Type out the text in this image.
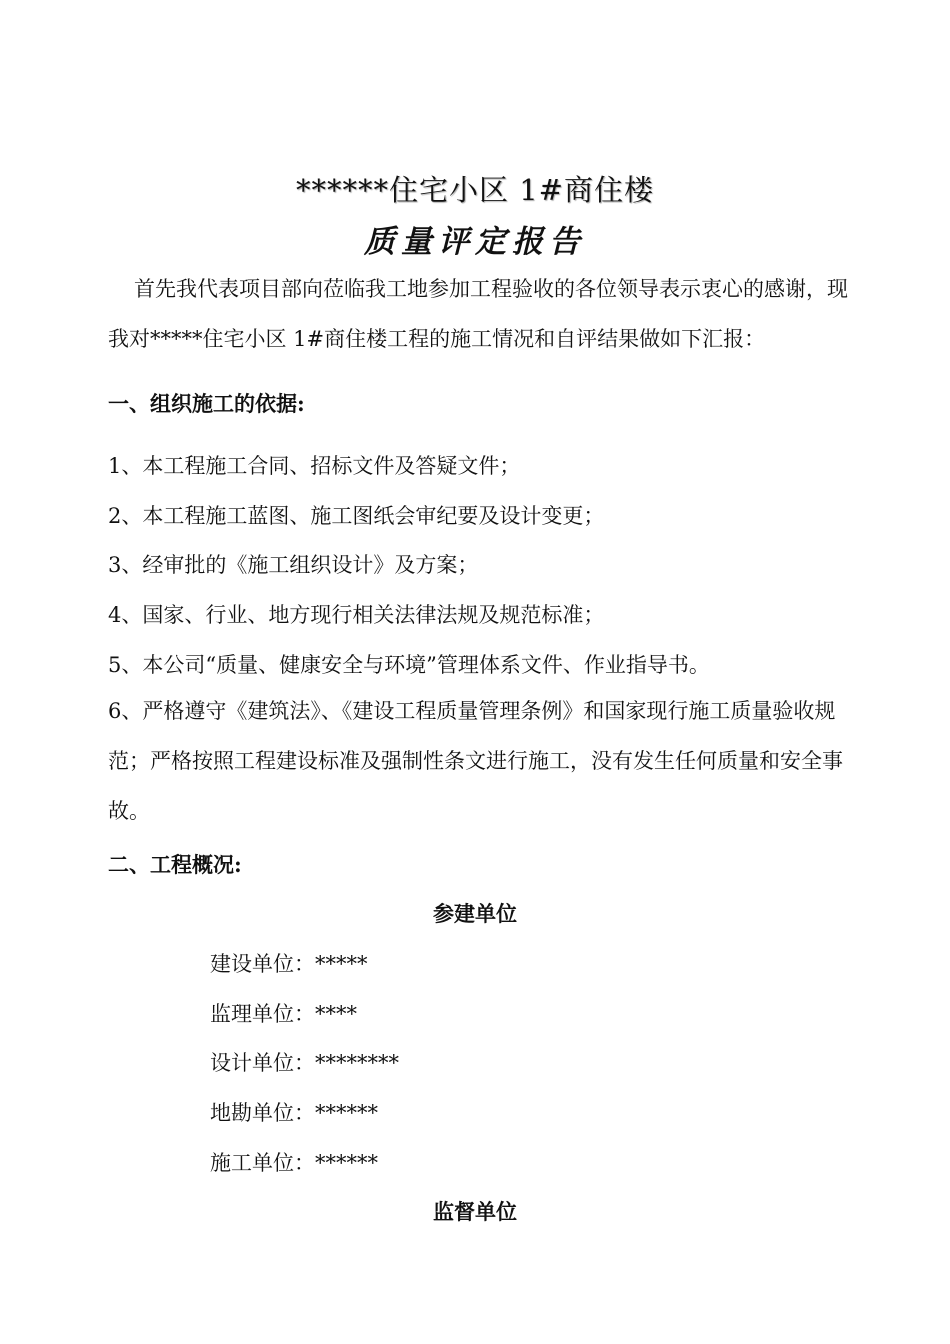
******住宅小区 1#商住楼
质量评定报告
首先我代表项目部向莅临我工地参加工程验收的各位领导表示衷心的感谢，现我对*****住宅小区 1#商住楼工程的施工情况和自评结果做如下汇报：
一、组织施工的依据:
1、本工程施工合同、招标文件及答疑文件；
2、本工程施工蓝图、施工图纸会审纪要及设计变更；
3、经审批的《施工组织设计》及方案；
4、国家、行业、地方现行相关法律法规及规范标准；
5、本公司“质量、健康安全与环境”管理体系文件、作业指导书。
6、严格遵守《建筑法》、《建设工程质量管理条例》和国家现行施工质量验收规范；严格按照工程建设标准及强制性条文进行施工，没有发生任何质量和安全事故。
二、工程概况:
参建单位
建设单位：*****
监理单位：****
设计单位：********
地勘单位：******
施工单位：******
监督单位
